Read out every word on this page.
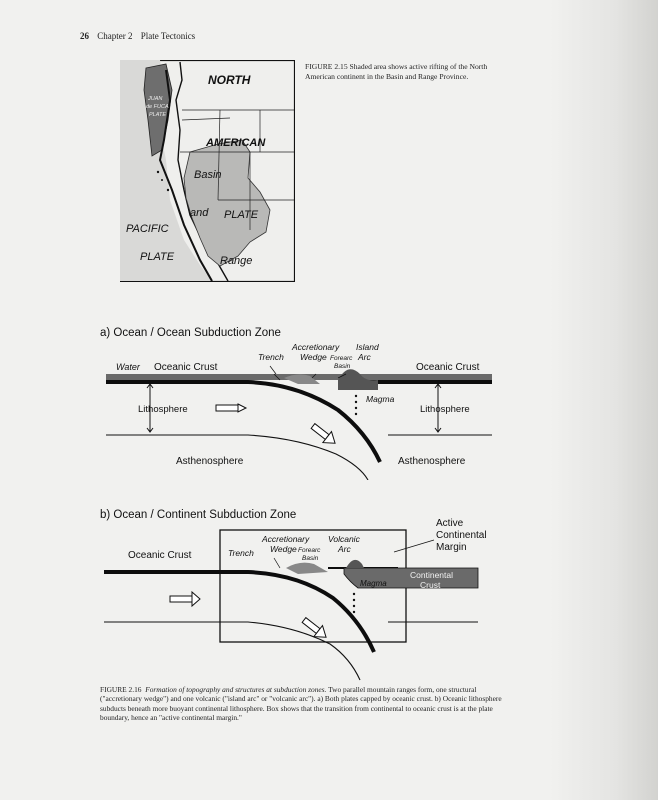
26 Chapter 2 Plate Tectonics
JUAN
de FUCA
PLATE
NORTH
AMERICAN
Basin
and PLATE
PACIFIC
PLATE	Range
FIGURE 2.15 Shaded area shows active rifting of the North American continent in the Basin and Range Province.
a) Ocean / Ocean Subduction Zone
Water Oceanic Crust
Trench
Accretionary
Wedge Forearc
Basin
Island
Arc
Oceanic Crust
Lithosphere
Magma
Lithosphere
Asthenosphere	Asthenosphere
b) Ocean / Continent Subduction Zone
Active
Continental
Margin
Oceanic Crust	Trench
Accretionary
Wedge Forearc
Basin
Volcanic
Arc
Magma
Continental
Crust
FIGURE 2.16 Formation of topography and structures at subduction zones. Two parallel mountain ranges form, one structural ("accretionary wedge") and one volcanic ("island arc" or "volcanic arc"). a) Both plates capped by oceanic crust. b) Oceanic lithosphere subducts beneath more buoyant continental lithosphere. Box shows that the transition from continental to oceanic crust is at the plate boundary, hence an "active continental margin."
